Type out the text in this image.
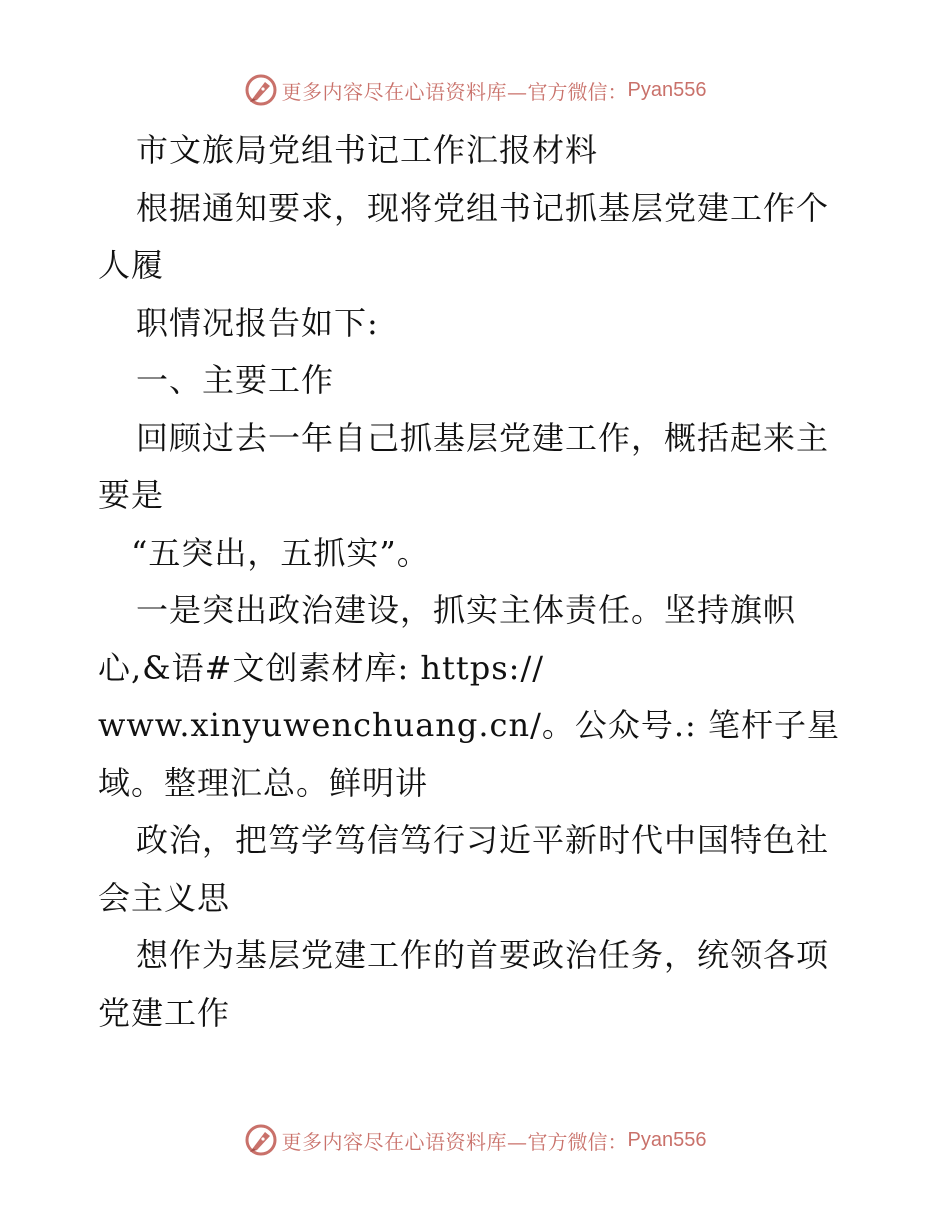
更多内容尽在心语资料库— 官方微信： Pyan556
市文旅局党组书记工作汇报材料
根据通知要求，现将党组书记抓基层党建工作个
人履
职情况报告如下:
一、主要工作
回顾过去一年自己抓基层党建工作，概括起来主
要是
“五突出，五抓实”。
一是突出政治建设，抓实主体责任。坚持旗帜
心,&语#文创素材库: https://
www.xinyuwenchuang.cn/。公众号.: 笔杆子星
域。整理汇总。鲜明讲
政治，把笃学笃信笃行习近平新时代中国特色社
会主义思
想作为基层党建工作的首要政治任务，统领各项
党建工作
更多内容尽在心语资料库— 官方微信： Pyan556
